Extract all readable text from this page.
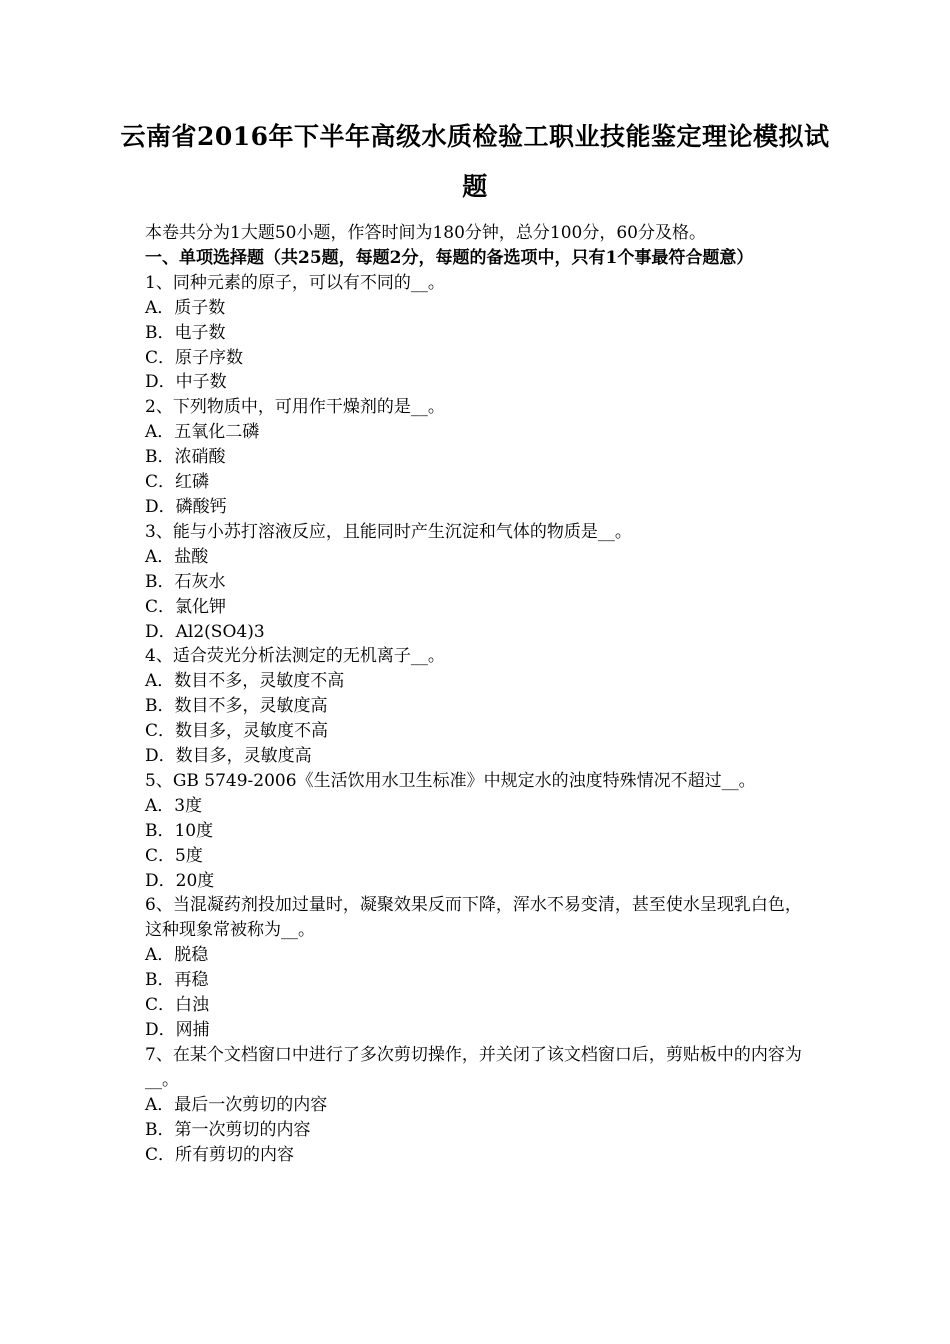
云南省2016年下半年高级水质检验工职业技能鉴定理论模拟试题
本卷共分为1大题50小题，作答时间为180分钟，总分100分，60分及格。
一、单项选择题（共25题，每题2分，每题的备选项中，只有1个事最符合题意）
1、同种元素的原子，可以有不同的__。
A．质子数
B．电子数
C．原子序数
D．中子数
2、下列物质中，可用作干燥剂的是__。
A．五氧化二磷
B．浓硝酸
C．红磷
D．磷酸钙
3、能与小苏打溶液反应，且能同时产生沉淀和气体的物质是__。
A．盐酸
B．石灰水
C．氯化钾
D．Al2(SO4)3
4、适合荧光分析法测定的无机离子__。
A．数目不多，灵敏度不高
B．数目不多，灵敏度高
C．数目多，灵敏度不高
D．数目多，灵敏度高
5、GB 5749-2006《生活饮用水卫生标准》中规定水的浊度特殊情况不超过__。
A．3度
B．10度
C．5度
D．20度
6、当混凝药剂投加过量时，凝聚效果反而下降，浑水不易变清，甚至使水呈现乳白色，这种现象常被称为__。
A．脱稳
B．再稳
C．白浊
D．网捕
7、在某个文档窗口中进行了多次剪切操作，并关闭了该文档窗口后，剪贴板中的内容为__。
A．最后一次剪切的内容
B．第一次剪切的内容
C．所有剪切的内容
